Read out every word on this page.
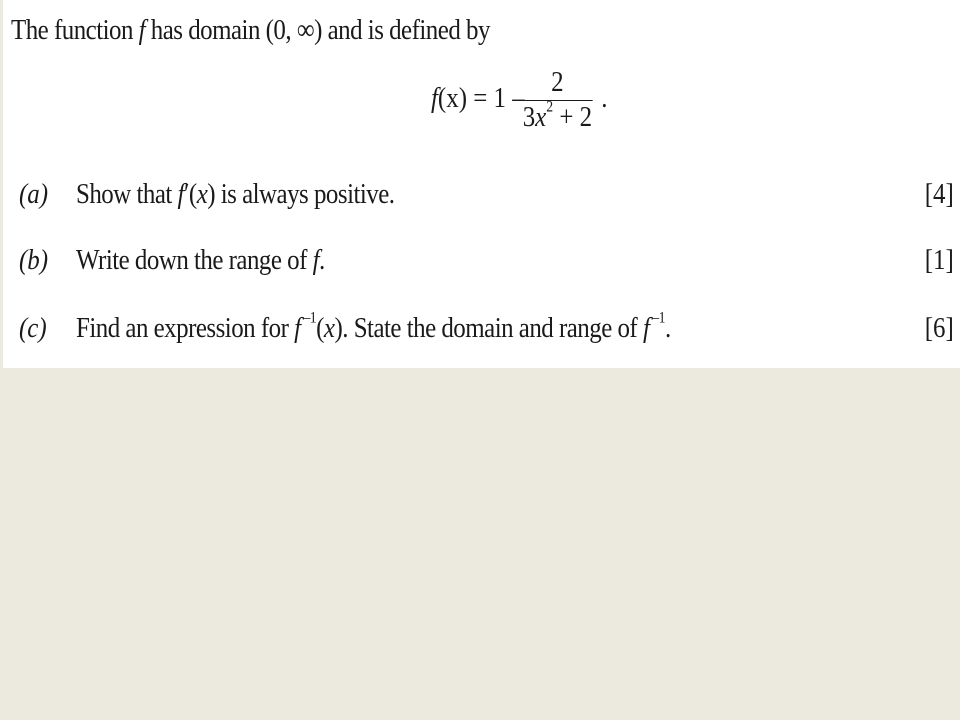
The function f has domain (0, ∞) and is defined by
f(x) = 1 – 2
$3x^2 + 2$
.
(a) Show that f′(x) is always positive.	[4]
(b) Write down the range of f.	[1]
(c) Find an expression for f $^{-1}$(x). State the domain and range of f $^{-1}$.	[6]
